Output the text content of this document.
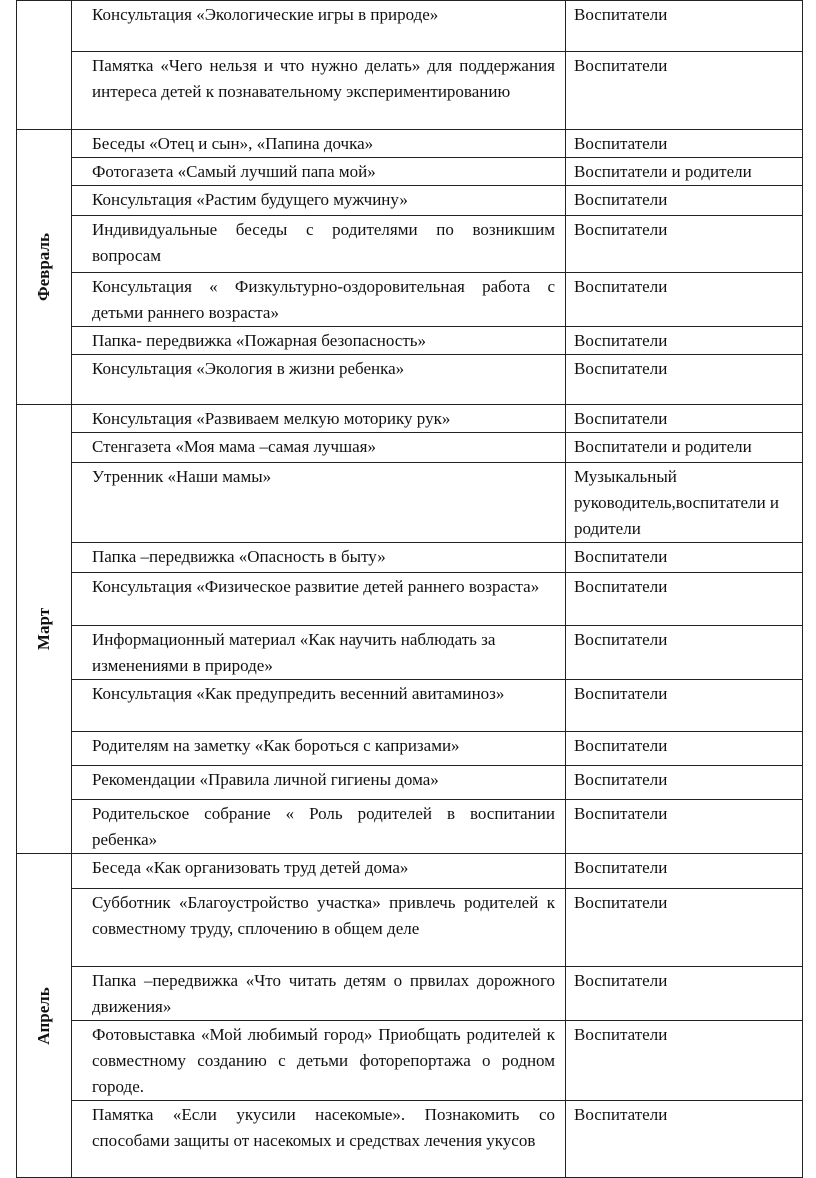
	Консультация «Экологические игры в природе»	Воспитатели

	Памятка «Чего нельзя и что нужно делать» для поддержания интереса детей к познавательному экспериментированию	Воспитатели

Февраль	Беседы «Отец и сын», «Папина дочка»	Воспитатели

	Фотогазета «Самый лучший папа мой»	Воспитатели и родители

	Консультация «Растим будущего мужчину»	Воспитатели

	Индивидуальные беседы с родителями по возникшим вопросам	Воспитатели

	Консультация « Физкультурно-оздоровительная работа с детьми раннего возраста»	Воспитатели

	Папка- передвижка «Пожарная безопасность»	Воспитатели

	Консультация «Экология в жизни ребенка»	Воспитатели

Март	Консультация «Развиваем мелкую моторику рук»	Воспитатели

	Стенгазета «Моя мама –самая лучшая»	Воспитатели и родители

	Утренник «Наши мамы»	Музыкальный руководитель,воспитатели и родители

	Папка –передвижка «Опасность в быту»	Воспитатели

	Консультация «Физическое развитие детей раннего возраста»	Воспитатели

	Информационный материал «Как научить наблюдать за изменениями в природе»	Воспитатели

	Консультация «Как предупредить весенний авитаминоз»	Воспитатели

	Родителям на заметку «Как бороться с капризами»	Воспитатели

	Рекомендации «Правила личной гигиены дома»	Воспитатели

	Родительское собрание « Роль родителей в воспитании ребенка»	Воспитатели

Апрель	Беседа «Как организовать труд детей дома»	Воспитатели

	Субботник «Благоустройство участка» привлечь родителей к совместному труду, сплочению в общем деле	Воспитатели

	Папка –передвижка «Что читать детям о првилах дорожного движения»	Воспитатели

	Фотовыставка «Мой любимый город» Приобщать родителей к совместному созданию с детьми фоторепортажа о родном городе.	Воспитатели

	Памятка «Если укусили насекомые». Познакомить со способами защиты от насекомых и средствах лечения укусов	Воспитатели
